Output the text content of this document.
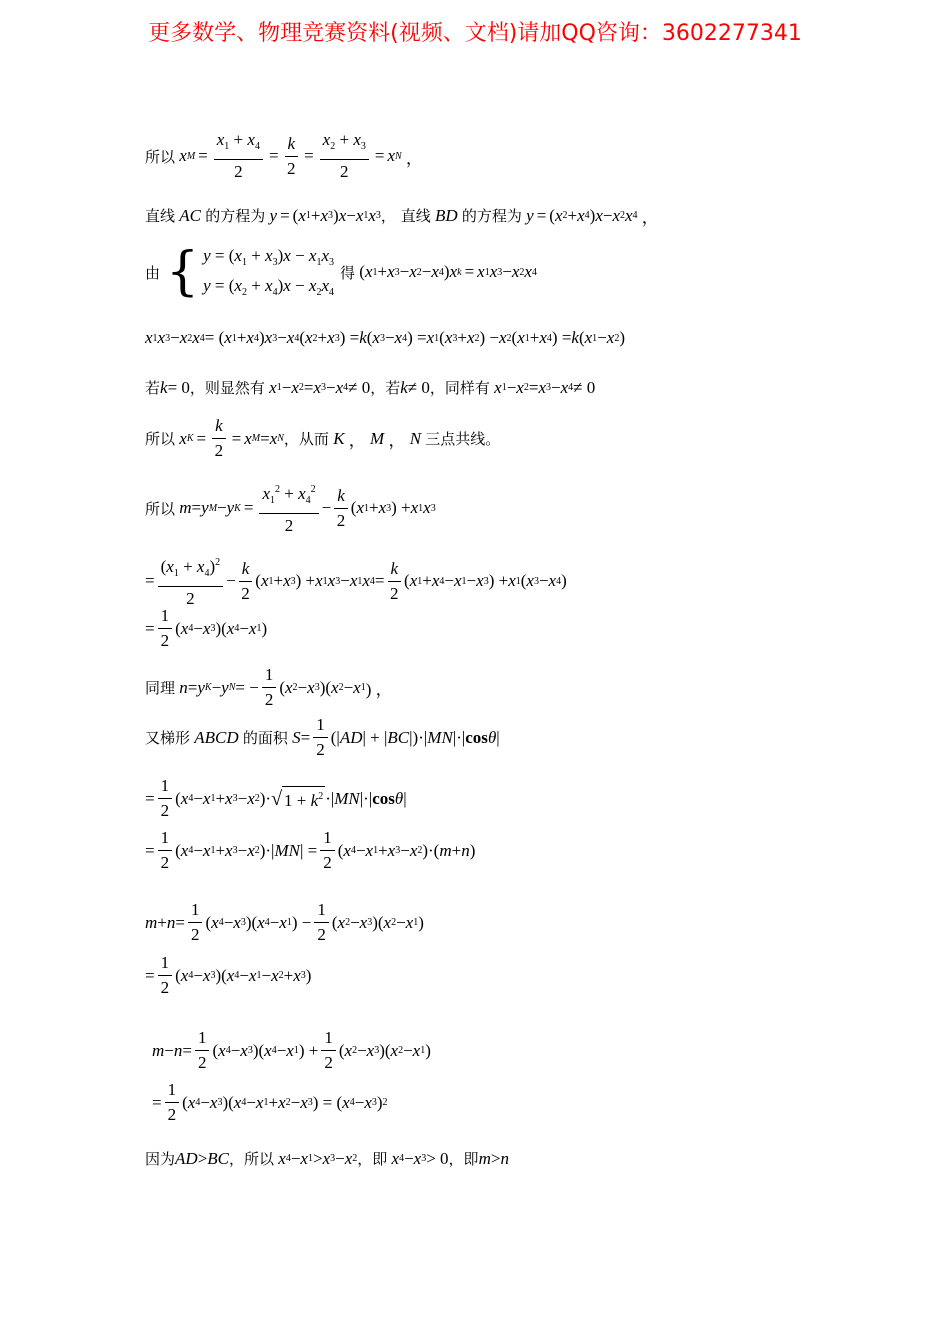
更多数学、物理竞赛资料(视频、文档)请加QQ咨询：3602277341
所以
x $M = \frac{x_1 + x_4}{2} = \frac{k}{2} = \frac{x_2 + x_3}{2} = x$ N ，
直线
AC
的方程为
y = ( x 1 + x 3 ) x − x 1 x 3 ， 直线
BD
的方程为
y = ( x 2 + x 4 ) x − x 2 x 4 ，
由 { $y = (x_1 + x_3)x - x_1x_3$
$y = (x_2 + x_4)x - x_2x_4$
得 ( x 1 + x 3 − x 2 − x 4 ) x k = x 1 x 3 − x 2 x 4
x 1 x 3 − x 2 x 4 = ( x 1 + x 4 ) x 3 − x 4 ( x 2 + x 3 ) = k ( x 3 − x 4 ) = x 1 ( x 3 + x 2 ) − x 2 ( x 1 + x 4 ) = k ( x 1 − x 2 )
若 k = 0 ，则显然有
x 1 − x 2 = x 3 − x 4 ≠ 0 ，若 k ≠ 0 ，同样有
x 1 − x 2 = x 3 − x 4 ≠ 0
所以
x $K = \frac{k}{2} = x$ M = x N ，从而
K ， M ， N
三点共线。
所以
m = y M − y $K = \frac{x_1^2 + x_4^2}{2} - \frac{k}{2}$ ( x 1 + x 3 ) + x 1 x 3
= $\frac{(x_1 + x_4)^2}{2} - \frac{k}{2}$ ( x 1 + x 3 ) + x 1 x 3 − x 1 x $4 = \frac{k}{2}$ ( x 1 + x 4 − x 1 − x 3 ) + x 1 ( x 3 − x 4 )
= $\frac{1}{2}$ ( x 4 − x 3 )( x 4 − x 1 )
同理
n = y K − y N = − $\frac{1}{2}$ ( x 2 − x 3 )( x 2 − x 1 ) ，
又梯形
ABCD
的面积
$S = \frac{1}{2}$ (| AD | + | BC |)·| MN |·| cos θ |
= $\frac{1}{2}$ ( x 4 − x 1 + x 3 − x 2 )· √ $1 + k^2$ ·| MN |·| cos θ |
= $\frac{1}{2}$ ( x 4 − x 1 + x 3 − x 2 )·| MN | = $\frac{1}{2}$ ( x 4 − x 1 + x 3 − x 2 )·( m + n )
$m + n = \frac{1}{2}$ ( x 4 − x 3 )( x 4 − x 1 ) − $\frac{1}{2}$ ( x 2 − x 3 )( x 2 − x 1 )
= $\frac{1}{2}$ ( x 4 − x 3 )( x 4 − x 1 − x 2 + x 3 )
$m - n = \frac{1}{2}$ ( x 4 − x 3 )( x 4 − x 1 ) + $\frac{1}{2}$ ( x 2 − x 3 )( x 2 − x 1 )
= $\frac{1}{2}$ ( x 4 − x 3 )( x 4 − x 1 + x 2 − x 3 ) = ( x 4 − x 3 ) 2
因为 AD > BC ，所以
x 4 − x 1 > x 3 − x 2 ，即
x 4 − x 3 > 0 ，即 m > n
